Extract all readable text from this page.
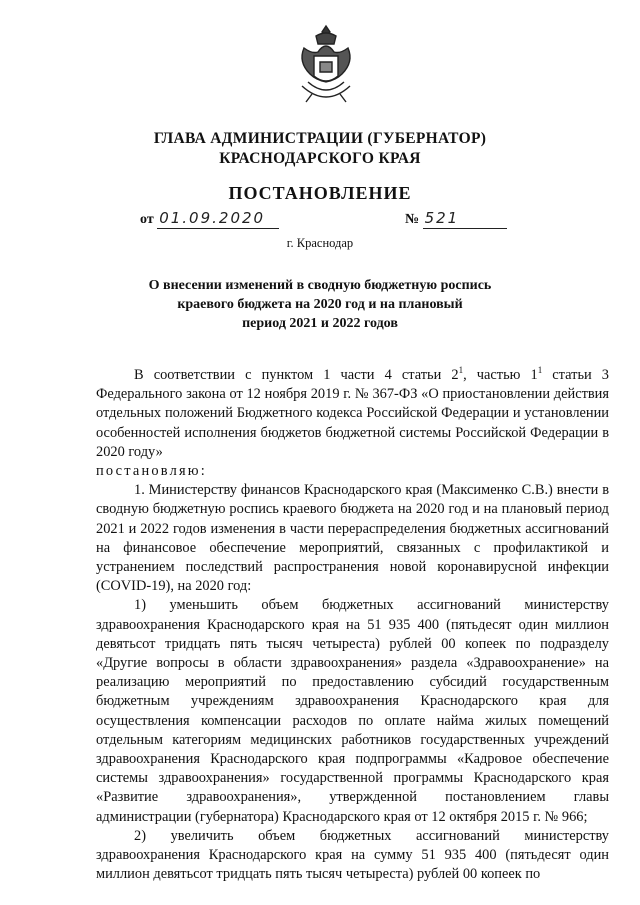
ГЛАВА АДМИНИСТРАЦИИ (ГУБЕРНАТОР)
КРАСНОДАРСКОГО КРАЯ
ПОСТАНОВЛЕНИЕ
от 01.09.2020	№ 521
г. Краснодар
О внесении изменений в сводную бюджетную роспись
краевого бюджета на 2020 год и на плановый
период 2021 и 2022 годов

В соответствии с пунктом 1 части 4 статьи $2^1$, частью $1^1$ статьи 3 Федерального закона от 12 ноября 2019 г. № 367-ФЗ «О приостановлении действия отдельных положений Бюджетного кодекса Российской Федерации и установлении особенностей исполнения бюджетов бюджетной системы Российской Федерации в 2020 году»
постановляю:

1. Министерству финансов Краснодарского края (Максименко С.В.) внести в сводную бюджетную роспись краевого бюджета на 2020 год и на плановый период 2021 и 2022 годов изменения в части перераспределения бюджетных ассигнований на финансовое обеспечение мероприятий, связанных с профилактикой и устранением последствий распространения новой коронавирусной инфекции (COVID-19), на 2020 год:

1) уменьшить объем бюджетных ассигнований министерству здравоохранения Краснодарского края на 51 935 400 (пятьдесят один миллион девятьсот тридцать пять тысяч четыреста) рублей 00 копеек по подразделу «Другие вопросы в области здравоохранения» раздела «Здравоохранение» на реализацию мероприятий по предоставлению субсидий государственным бюджетным учреждениям здравоохранения Краснодарского края для осуществления компенсации расходов по оплате найма жилых помещений отдельным категориям медицинских работников государственных учреждений здравоохранения Краснодарского края подпрограммы «Кадровое обеспечение системы здравоохранения» государственной программы Краснодарского края «Развитие здравоохранения», утвержденной постановлением главы администрации (губернатора) Краснодарского края от 12 октября 2015 г. № 966;

2) увеличить объем бюджетных ассигнований министерству здравоохранения Краснодарского края на сумму 51 935 400 (пятьдесят один миллион девятьсот тридцать пять тысяч четыреста) рублей 00 копеек по
